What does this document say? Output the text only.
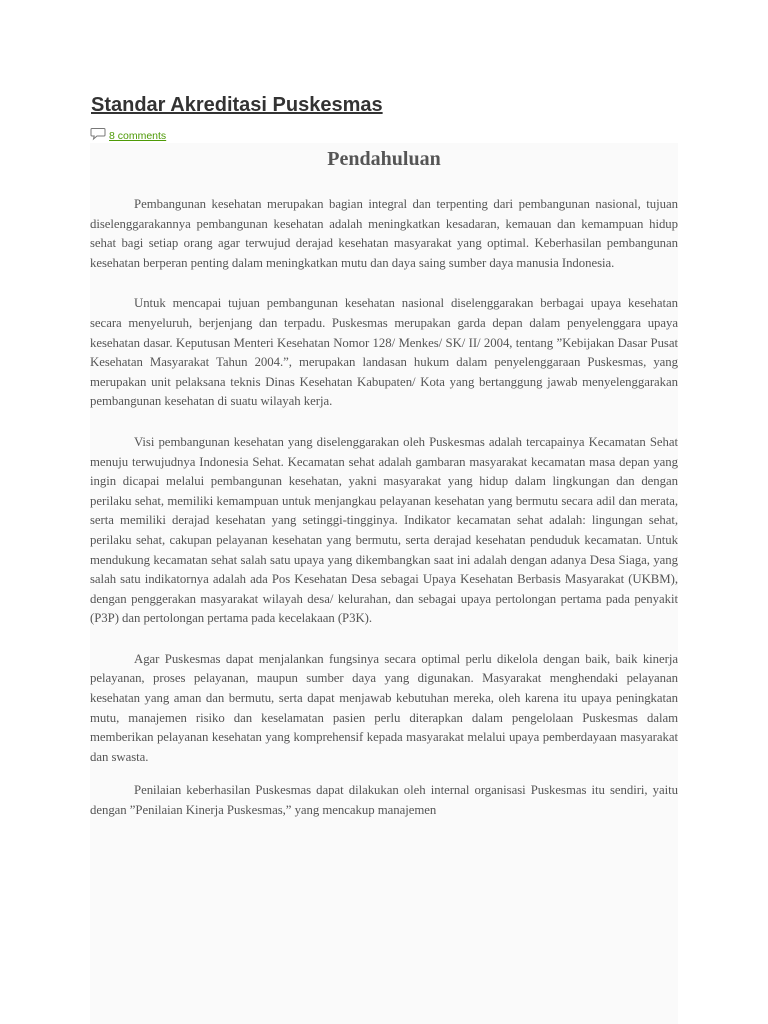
Standar Akreditasi Puskesmas
8 comments
Pendahuluan

Pembangunan kesehatan merupakan bagian integral dan terpenting dari pembangunan nasional, tujuan diselenggarakannya pembangunan kesehatan adalah meningkatkan kesadaran, kemauan dan kemampuan hidup sehat bagi setiap orang agar terwujud derajad kesehatan masyarakat yang optimal. Keberhasilan pembangunan kesehatan berperan penting dalam meningkatkan mutu dan daya saing sumber daya manusia Indonesia.

Untuk mencapai tujuan pembangunan kesehatan nasional diselenggarakan berbagai upaya kesehatan secara menyeluruh, berjenjang dan terpadu. Puskesmas merupakan garda depan dalam penyelenggara upaya kesehatan dasar. Keputusan Menteri Kesehatan Nomor 128/ Menkes/ SK/ II/ 2004, tentang ”Kebijakan Dasar Pusat Kesehatan Masyarakat Tahun 2004.”, merupakan landasan hukum dalam penyelenggaraan Puskesmas, yang merupakan unit pelaksana teknis Dinas Kesehatan Kabupaten/ Kota yang bertanggung jawab menyelenggarakan pembangunan kesehatan di suatu wilayah kerja.

Visi pembangunan kesehatan yang diselenggarakan oleh Puskesmas adalah tercapainya Kecamatan Sehat menuju terwujudnya Indonesia Sehat. Kecamatan sehat adalah gambaran masyarakat kecamatan masa depan yang ingin dicapai melalui pembangunan kesehatan, yakni masyarakat yang hidup dalam lingkungan dan dengan perilaku sehat, memiliki kemampuan untuk menjangkau pelayanan kesehatan yang bermutu secara adil dan merata, serta memiliki derajad kesehatan yang setinggi-tingginya. Indikator kecamatan sehat adalah: lingungan sehat, perilaku sehat, cakupan pelayanan kesehatan yang bermutu, serta derajad kesehatan penduduk kecamatan. Untuk mendukung kecamatan sehat salah satu upaya yang dikembangkan saat ini adalah dengan adanya Desa Siaga, yang salah satu indikatornya adalah ada Pos Kesehatan Desa sebagai Upaya Kesehatan Berbasis Masyarakat (UKBM), dengan penggerakan masyarakat wilayah desa/ kelurahan, dan sebagai upaya pertolongan pertama pada penyakit (P3P) dan pertolongan pertama pada kecelakaan (P3K).

Agar Puskesmas dapat menjalankan fungsinya secara optimal perlu dikelola dengan baik, baik kinerja pelayanan, proses pelayanan, maupun sumber daya yang digunakan. Masyarakat menghendaki pelayanan kesehatan yang aman dan bermutu, serta dapat menjawab kebutuhan mereka, oleh karena itu upaya peningkatan mutu, manajemen risiko dan keselamatan pasien perlu diterapkan dalam pengelolaan Puskesmas dalam memberikan pelayanan kesehatan yang komprehensif kepada masyarakat melalui upaya pemberdayaan masyarakat dan swasta.

Penilaian keberhasilan Puskesmas dapat dilakukan oleh internal organisasi Puskesmas itu sendiri, yaitu dengan ”Penilaian Kinerja Puskesmas,” yang mencakup manajemen
